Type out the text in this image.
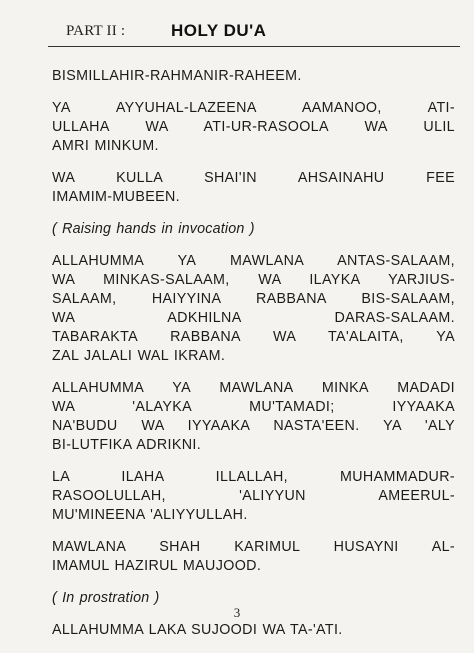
PART II :	HOLY DU'A
BISMILLAHIR-RAHMANIR-RAHEEM.
YA AYYUHAL-LAZEENA AAMANOO, ATI-
ULLAHA WA ATI-UR-RASOOLA WA ULIL
AMRI MINKUM.
WA KULLA SHAI'IN AHSAINAHU FEE
IMAMIM-MUBEEN.
( Raising hands in invocation )
ALLAHUMMA YA MAWLANA ANTAS-SALAAM,
WA MINKAS-SALAAM, WA ILAYKA YARJIUS-
SALAAM, HAIYYINA RABBANA BIS-SALAAM,
WA ADKHILNA DARAS-SALAAM.
TABARAKTA RABBANA WA TA'ALAITA, YA
ZAL JALALI WAL IKRAM.
ALLAHUMMA YA MAWLANA MINKA MADADI
WA 'ALAYKA MU'TAMADI; IYYAAKA
NA'BUDU WA IYYAAKA NASTA'EEN. YA 'ALY
BI-LUTFIKA ADRIKNI.
LA ILAHA ILLALLAH, MUHAMMADUR-
RASOOLULLAH, 'ALIYYUN AMEERUL-
MU'MINEENA 'ALIYYULLAH.
MAWLANA SHAH KARIMUL HUSAYNI AL-
IMAMUL HAZIRUL MAUJOOD.
( In prostration )
ALLAHUMMA LAKA SUJOODI WA TA-'ATI.
3
